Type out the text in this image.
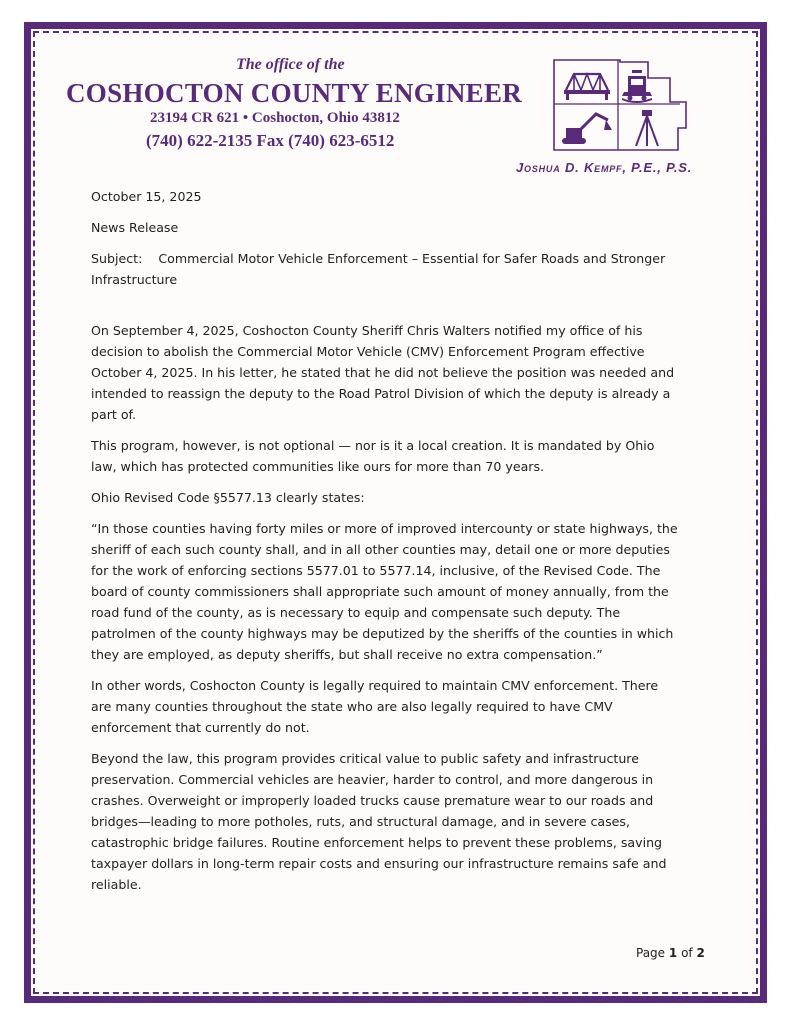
The office of the
COSHOCTON COUNTY ENGINEER
23194 CR 621 • Coshocton, Ohio 43812
(740) 622-2135 Fax (740) 623-6512
Joshua D. Kempf, P.E., P.S.

October 15, 2025

News Release

Subject: Commercial Motor Vehicle Enforcement – Essential for Safer Roads and Stronger Infrastructure

On September 4, 2025, Coshocton County Sheriff Chris Walters notified my office of his decision to abolish the Commercial Motor Vehicle (CMV) Enforcement Program effective October 4, 2025. In his letter, he stated that he did not believe the position was needed and intended to reassign the deputy to the Road Patrol Division of which the deputy is already a part of.

This program, however, is not optional — nor is it a local creation. It is mandated by Ohio law, which has protected communities like ours for more than 70 years.

Ohio Revised Code §5577.13 clearly states:

“In those counties having forty miles or more of improved intercounty or state highways, the sheriff of each such county shall, and in all other counties may, detail one or more deputies for the work of enforcing sections 5577.01 to 5577.14, inclusive, of the Revised Code. The board of county commissioners shall appropriate such amount of money annually, from the road fund of the county, as is necessary to equip and compensate such deputy. The patrolmen of the county highways may be deputized by the sheriffs of the counties in which they are employed, as deputy sheriffs, but shall receive no extra compensation.”

In other words, Coshocton County is legally required to maintain CMV enforcement. There are many counties throughout the state who are also legally required to have CMV enforcement that currently do not.

Beyond the law, this program provides critical value to public safety and infrastructure preservation. Commercial vehicles are heavier, harder to control, and more dangerous in crashes. Overweight or improperly loaded trucks cause premature wear to our roads and bridges—leading to more potholes, ruts, and structural damage, and in severe cases, catastrophic bridge failures. Routine enforcement helps to prevent these problems, saving taxpayer dollars in long-term repair costs and ensuring our infrastructure remains safe and reliable.

Page 1 of 2
